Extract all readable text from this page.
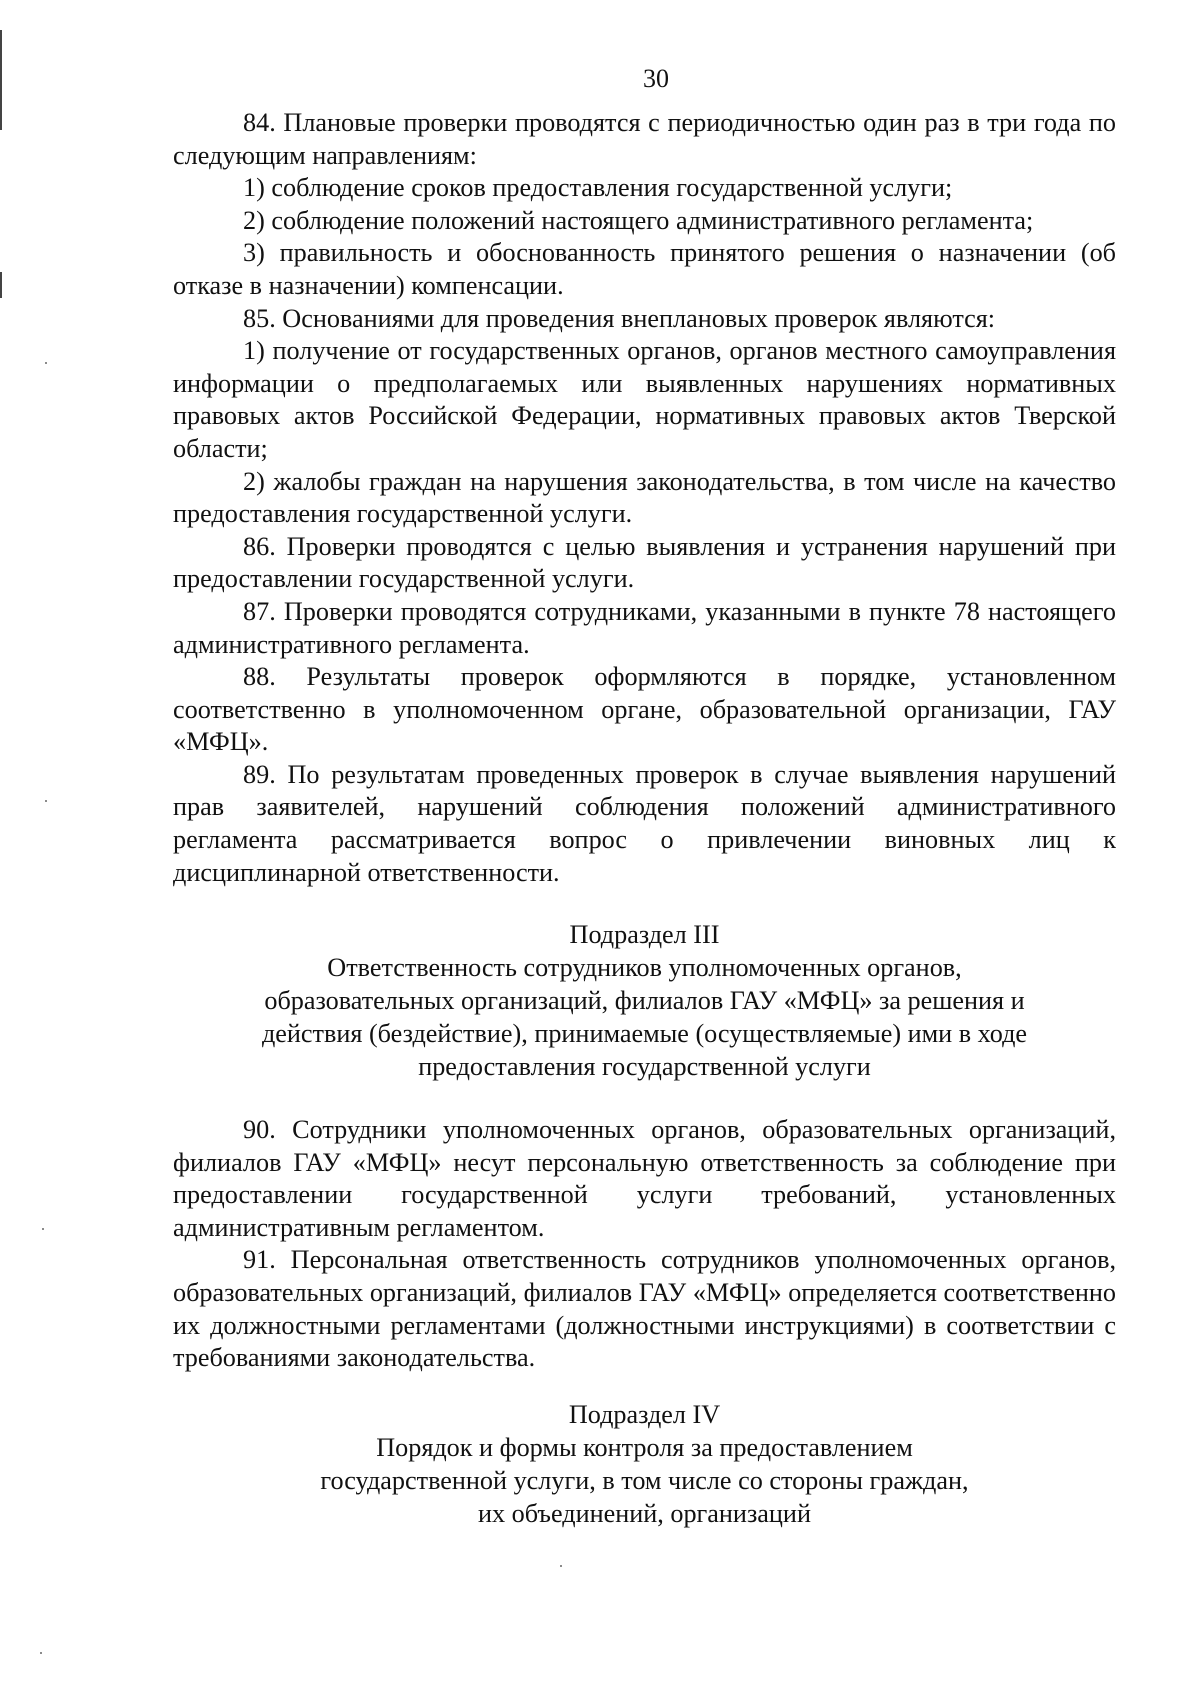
30

84. Плановые проверки проводятся с периодичностью один раз в три года по следующим направлениям:

1) соблюдение сроков предоставления государственной услуги;

2) соблюдение положений настоящего административного регламента;

3) правильность и обоснованность принятого решения о назначении (об отказе в назначении) компенсации.

85. Основаниями для проведения внеплановых проверок являются:

1) получение от государственных органов, органов местного самоуправления информации о предполагаемых или выявленных нарушениях нормативных правовых актов Российской Федерации, нормативных правовых актов Тверской области;

2) жалобы граждан на нарушения законодательства, в том числе на качество предоставления государственной услуги.

86. Проверки проводятся с целью выявления и устранения нарушений при предоставлении государственной услуги.

87. Проверки проводятся сотрудниками, указанными в пункте 78 настоящего административного регламента.

88. Результаты проверок оформляются в порядке, установленном соответственно в уполномоченном органе, образовательной организации, ГАУ «МФЦ».

89. По результатам проведенных проверок в случае выявления нарушений прав заявителей, нарушений соблюдения положений административного регламента рассматривается вопрос о привлечении виновных лиц к дисциплинарной ответственности.

Подраздел III
Ответственность сотрудников уполномоченных органов,
образовательных организаций, филиалов ГАУ «МФЦ» за решения и
действия (бездействие), принимаемые (осуществляемые) ими в ходе
предоставления государственной услуги

90. Сотрудники уполномоченных органов, образовательных организаций, филиалов ГАУ «МФЦ» несут персональную ответственность за соблюдение при предоставлении государственной услуги требований, установленных административным регламентом.

91. Персональная ответственность сотрудников уполномоченных органов, образовательных организаций, филиалов ГАУ «МФЦ» определяется соответственно их должностными регламентами (должностными инструкциями) в соответствии с требованиями законодательства.

Подраздел IV
Порядок и формы контроля за предоставлением
государственной услуги, в том числе со стороны граждан,
их объединений, организаций
